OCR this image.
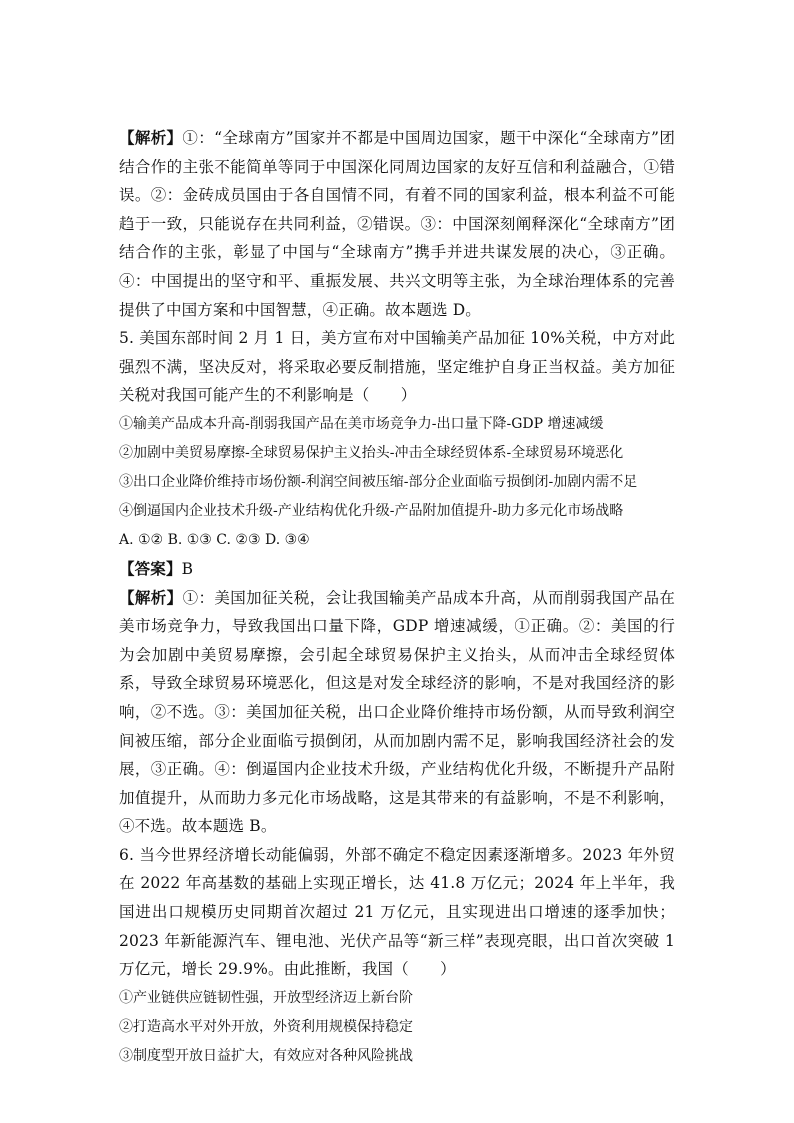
【解析】①：“全球南方”国家并不都是中国周边国家，题干中深化“全球南方”团结合作的主张不能简单等同于中国深化同周边国家的友好互信和利益融合，①错误。②：金砖成员国由于各自国情不同，有着不同的国家利益，根本利益不可能趋于一致，只能说存在共同利益，②错误。③：中国深刻阐释深化“全球南方”团结合作的主张，彰显了中国与“全球南方”携手并进共谋发展的决心，③正确。④：中国提出的坚守和平、重振发展、共兴文明等主张，为全球治理体系的完善提供了中国方案和中国智慧，④正确。故本题选 D。

5. 美国东部时间 2 月 1 日，美方宣布对中国输美产品加征 10%关税，中方对此强烈不满，坚决反对，将采取必要反制措施，坚定维护自身正当权益。美方加征关税对我国可能产生的不利影响是（　　）

①输美产品成本升高-削弱我国产品在美市场竞争力-出口量下降-GDP 增速减缓

②加剧中美贸易摩擦-全球贸易保护主义抬头-冲击全球经贸体系-全球贸易环境恶化

③出口企业降价维持市场份额-利润空间被压缩-部分企业面临亏损倒闭-加剧内需不足

④倒逼国内企业技术升级-产业结构优化升级-产品附加值提升-助力多元化市场战略

A. ①② B. ①③ C. ②③ D. ③④

【答案】B

【解析】①：美国加征关税，会让我国输美产品成本升高，从而削弱我国产品在美市场竞争力，导致我国出口量下降，GDP 增速减缓，①正确。②：美国的行为会加剧中美贸易摩擦，会引起全球贸易保护主义抬头，从而冲击全球经贸体系，导致全球贸易环境恶化，但这是对发全球经济的影响，不是对我国经济的影响，②不选。③：美国加征关税，出口企业降价维持市场份额，从而导致利润空间被压缩，部分企业面临亏损倒闭，从而加剧内需不足，影响我国经济社会的发展，③正确。④：倒逼国内企业技术升级，产业结构优化升级，不断提升产品附加值提升，从而助力多元化市场战略，这是其带来的有益影响，不是不利影响，④不选。故本题选 B。

6. 当今世界经济增长动能偏弱，外部不确定不稳定因素逐渐增多。2023 年外贸在 2022 年高基数的基础上实现正增长，达 41.8 万亿元；2024 年上半年，我国进出口规模历史同期首次超过 21 万亿元，且实现进出口增速的逐季加快；2023 年新能源汽车、锂电池、光伏产品等“新三样”表现亮眼，出口首次突破 1 万亿元，增长 29.9%。由此推断，我国（　　）

①产业链供应链韧性强，开放型经济迈上新台阶

②打造高水平对外开放，外资利用规模保持稳定

③制度型开放日益扩大，有效应对各种风险挑战
